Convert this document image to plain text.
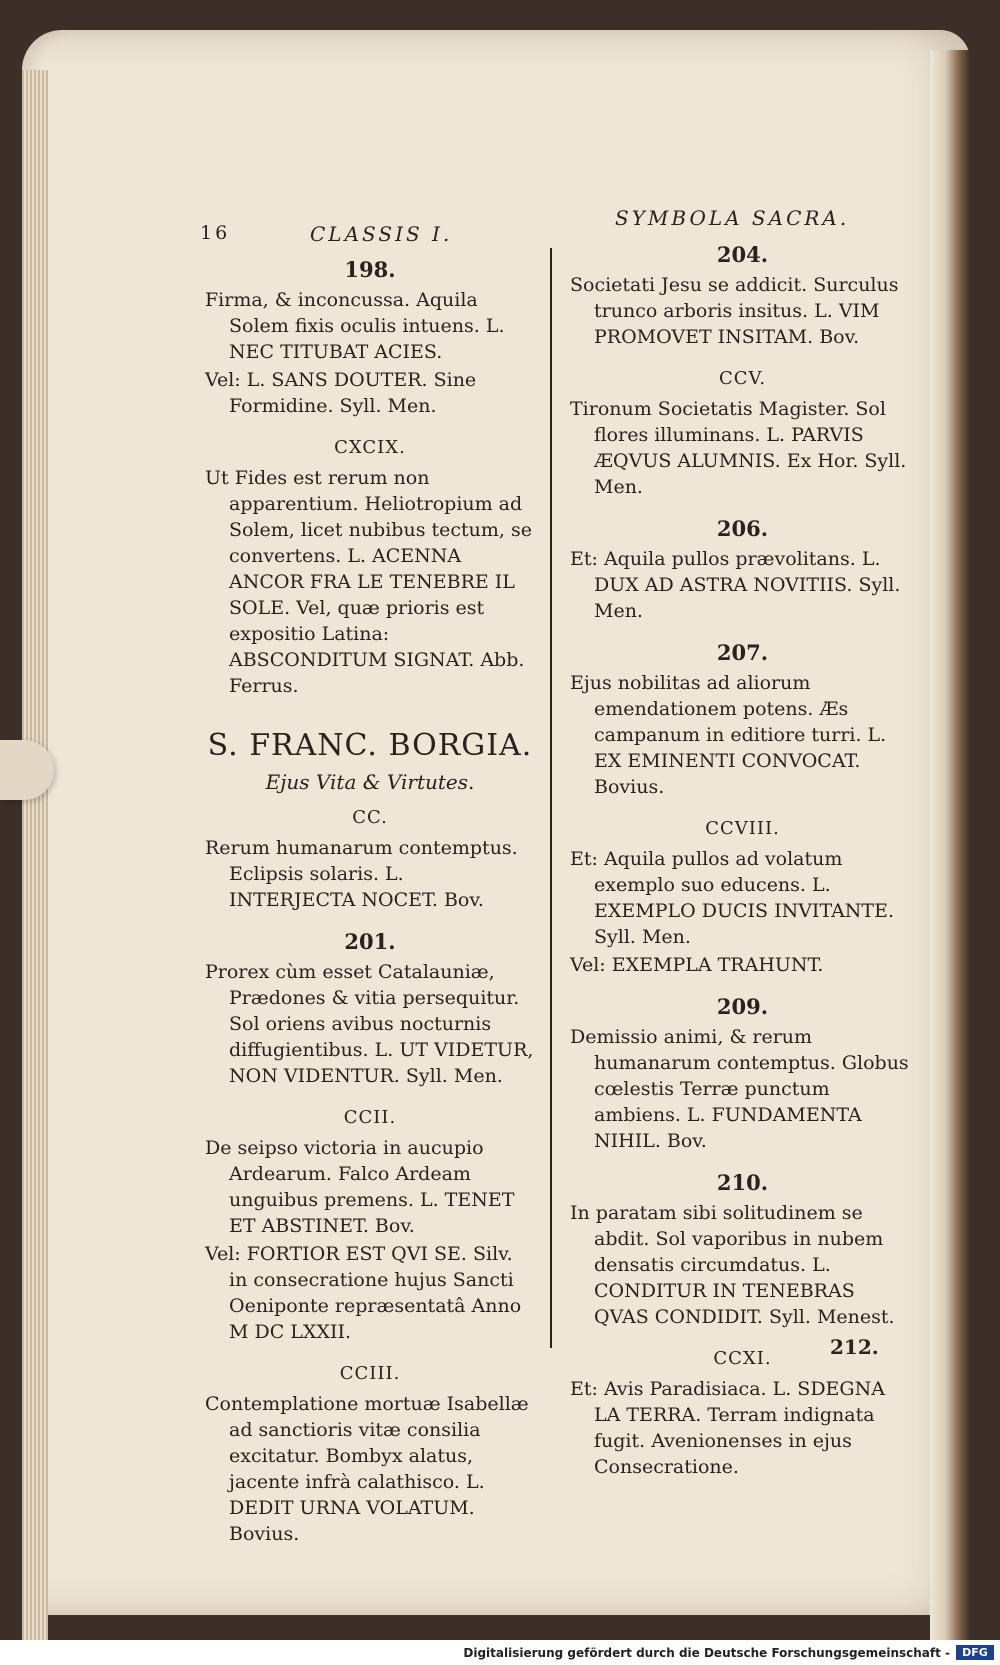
16	CLASSIS I.
SYMBOLA SACRA.
198.

Firma, & inconcussa. Aquila Solem fixis oculis intuens. L. NEC TITUBAT ACIES.

Vel: L. SANS DOUTER. Sine Formidine. Syll. Men.

CXCIX.

Ut Fides est rerum non apparentium. Heliotropium ad Solem, licet nubibus tectum, se convertens. L. ACENNA ANCOR FRA LE TENEBRE IL SOLE. Vel, quæ prioris est expositio Latina: ABSCONDITUM SIGNAT. Abb. Ferrus.

S. FRANC. BORGIA.
Ejus Vita & Virtutes.
CC.

Rerum humanarum contemptus. Eclipsis solaris. L. INTERJECTA NOCET. Bov.

201.

Prorex cùm esset Catalauniæ, Prædones & vitia persequitur. Sol oriens avibus nocturnis diffugientibus. L. UT VIDETUR, NON VIDENTUR. Syll. Men.

CCII.

De seipso victoria in aucupio Ardearum. Falco Ardeam unguibus premens. L. TENET ET ABSTINET. Bov.

Vel: FORTIOR EST QVI SE. Silv. in consecratione hujus Sancti Oeniponte repræsentatâ Anno M DC LXXII.

CCIII.

Contemplatione mortuæ Isabellæ ad sanctioris vitæ consilia excitatur. Bombyx alatus, jacente infrà calathisco. L. DEDIT URNA VOLATUM. Bovius.

204.

Societati Jesu se addicit. Surculus trunco arboris insitus. L. VIM PROMOVET INSITAM. Bov.

CCV.

Tironum Societatis Magister. Sol flores illuminans. L. PARVIS ÆQVUS ALUMNIS. Ex Hor. Syll. Men.

206.

Et: Aquila pullos prævolitans. L. DUX AD ASTRA NOVITIIS. Syll. Men.

207.

Ejus nobilitas ad aliorum emendationem potens. Æs campanum in editiore turri. L. EX EMINENTI CONVOCAT. Bovius.

CCVIII.

Et: Aquila pullos ad volatum exemplo suo educens. L. EXEMPLO DUCIS INVITANTE. Syll. Men.

Vel: EXEMPLA TRAHUNT.

209.

Demissio animi, & rerum humanarum contemptus. Globus cœlestis Terræ punctum ambiens. L. FUNDAMENTA NIHIL. Bov.

210.

In paratam sibi solitudinem se abdit. Sol vaporibus in nubem densatis circumdatus. L. CONDITUR IN TENEBRAS QVAS CONDIDIT. Syll. Menest.

CCXI.

Et: Avis Paradisiaca. L. SDEGNA LA TERRA. Terram indignata fugit. Avenionenses in ejus Consecratione.

212.
Digitalisierung gefördert durch die Deutsche Forschungsgemeinschaft -	DFG
